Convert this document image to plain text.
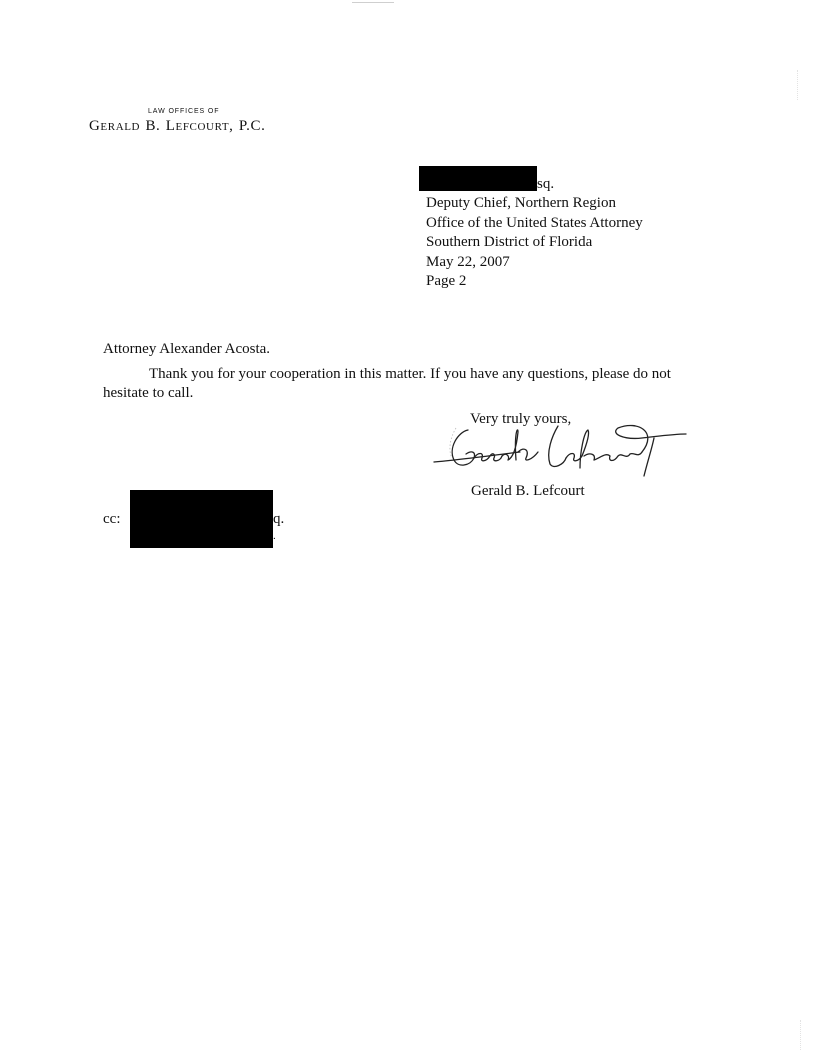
LAW OFFICES OF
Gerald B. Lefcourt, P.C.
sq.
Deputy Chief, Northern Region
Office of the United States Attorney
Southern District of Florida
May 22, 2007
Page 2
Attorney Alexander Acosta.
Thank you for your cooperation in this matter. If you have any questions, please do not
hesitate to call.
Very truly yours,
Gerald B. Lefcourt
cc:	q.
.
